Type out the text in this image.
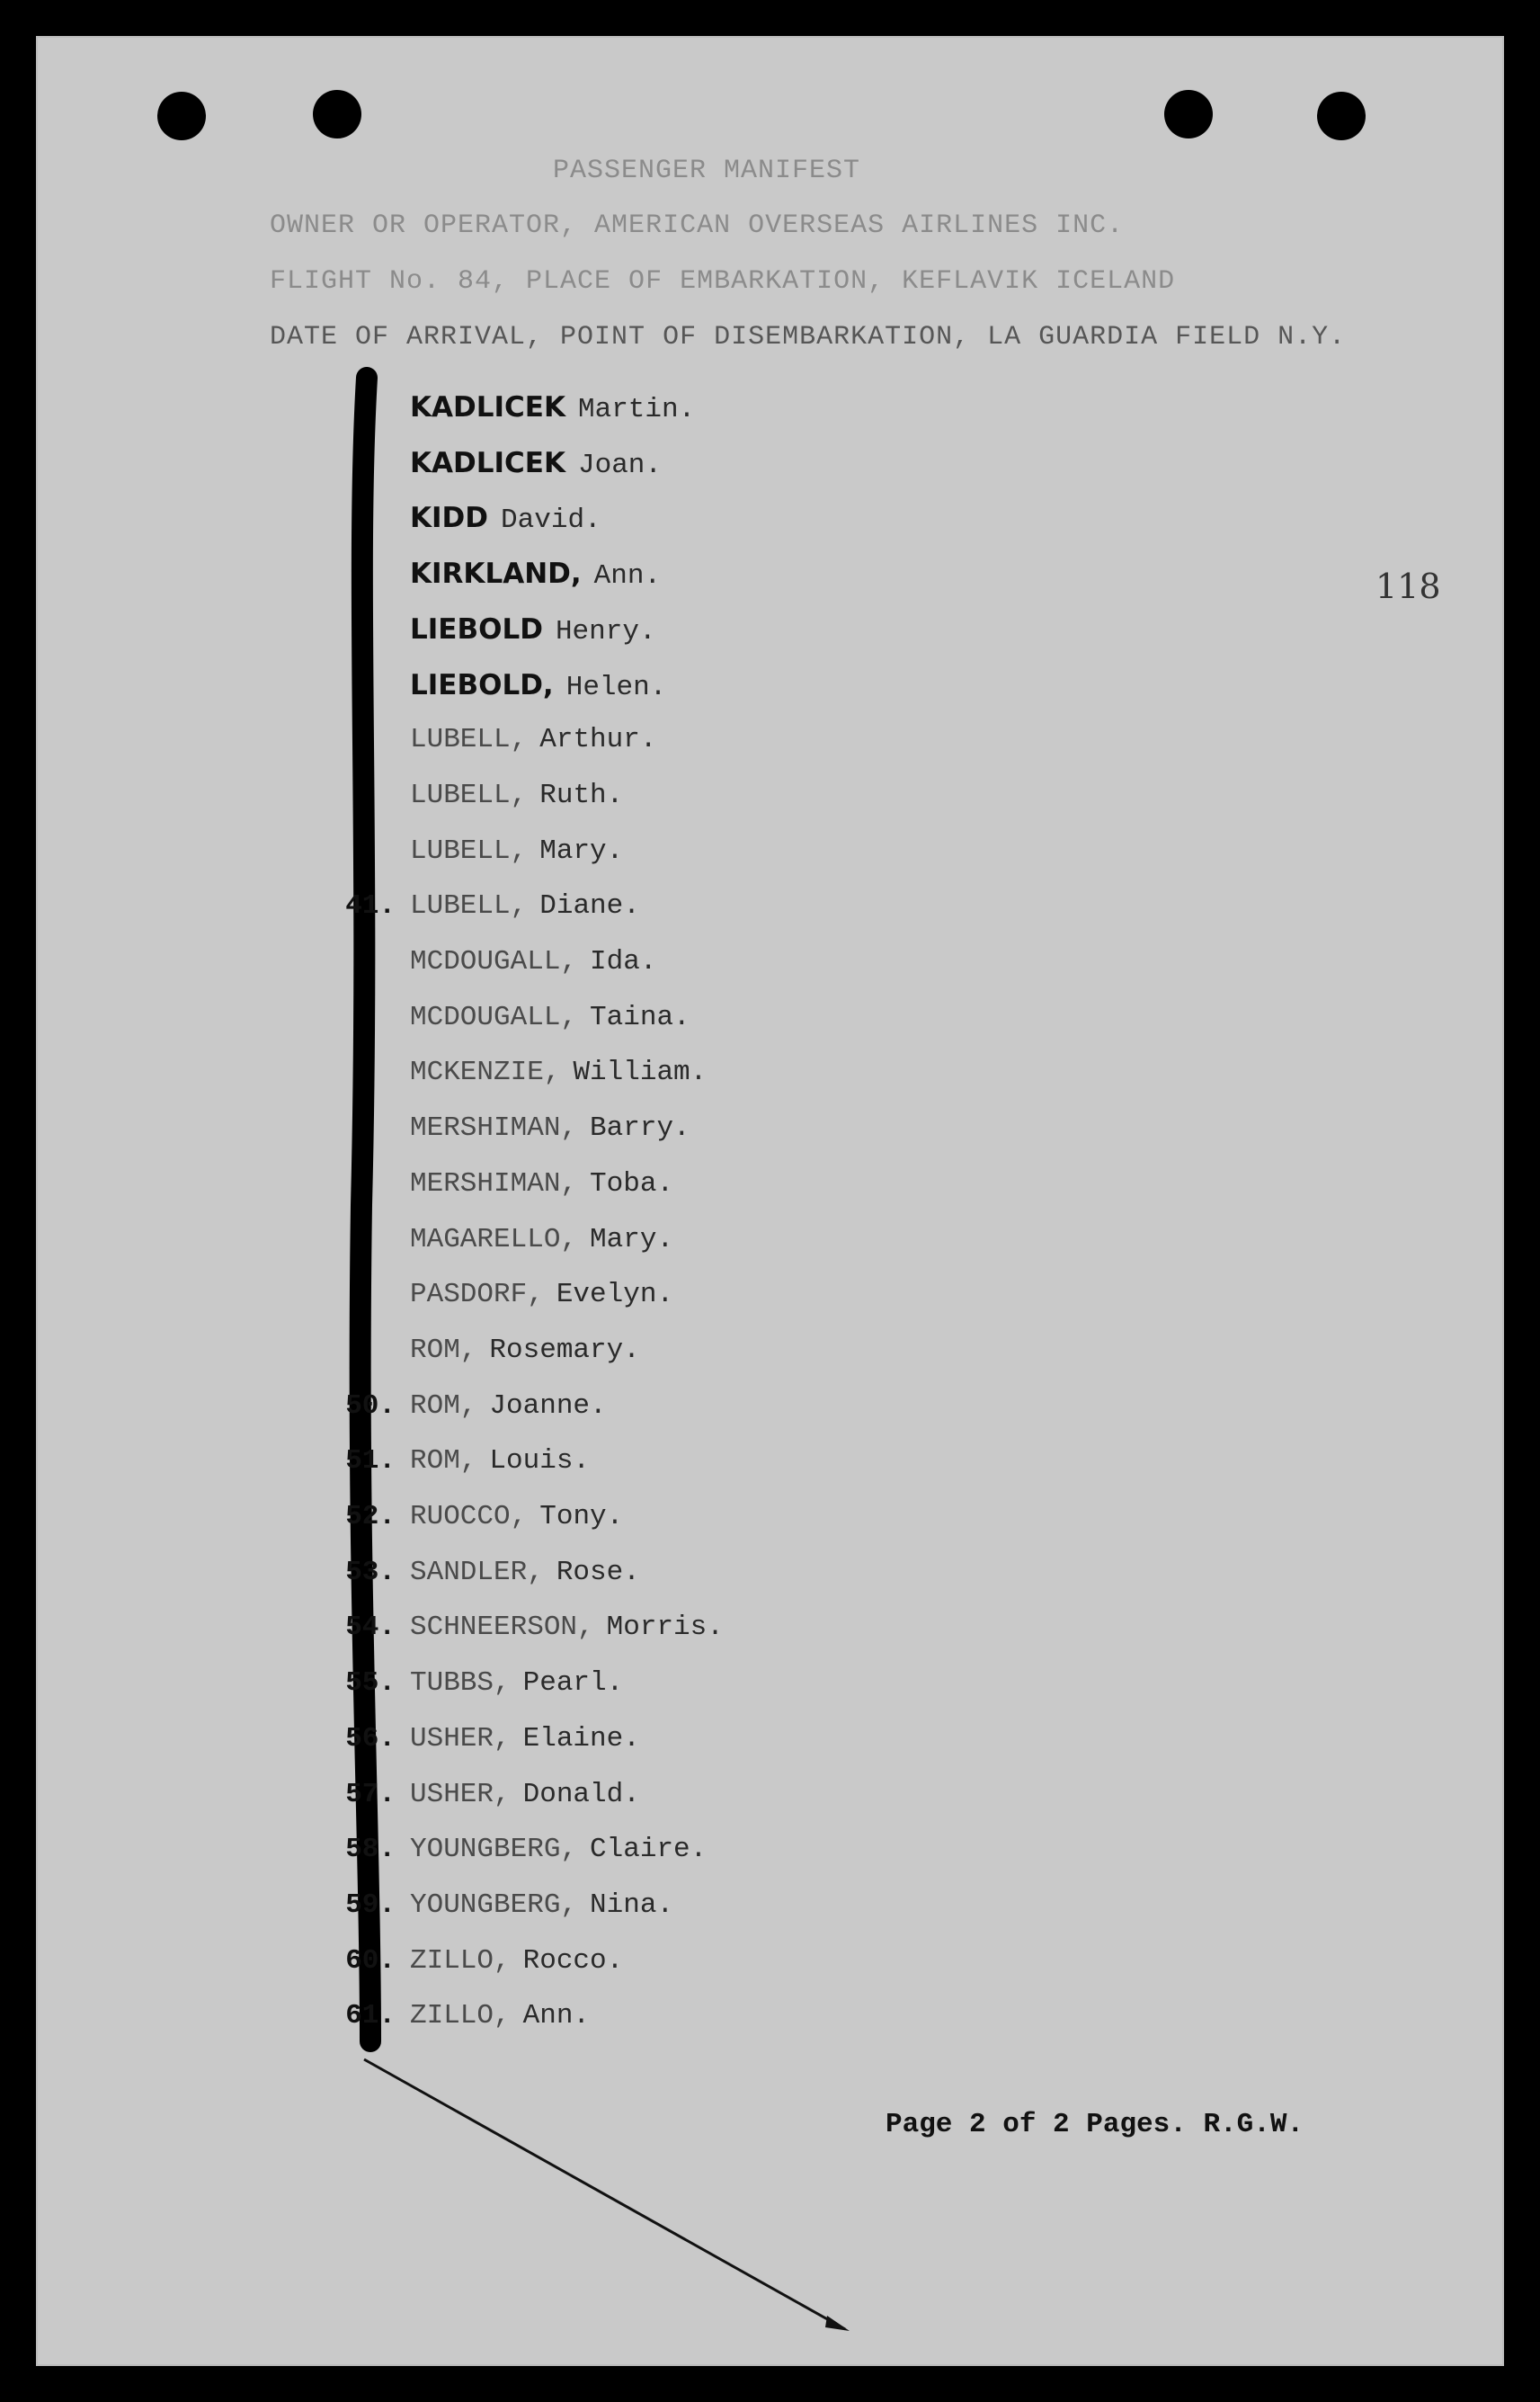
PASSENGER MANIFEST
OWNER OR OPERATOR, AMERICAN OVERSEAS AIRLINES INC.
FLIGHT No. 84, PLACE OF EMBARKATION, KEFLAVIK ICELAND
DATE OF ARRIVAL, POINT OF DISEMBARKATION, LA GUARDIA FIELD N.Y.
118
KADLICEK Martin.
KADLICEK Joan.
KIDD David.
KIRKLAND, Ann.
LIEBOLD Henry.
LIEBOLD, Helen.
LUBELL, Arthur.
LUBELL, Ruth.
LUBELL, Mary.
41. LUBELL, Diane.
MCDOUGALL, Ida.
MCDOUGALL, Taina.
MCKENZIE, William.
MERSHIMAN, Barry.
MERSHIMAN, Toba.
MAGARELLO, Mary.
PASDORF, Evelyn.
ROM, Rosemary.
50. ROM, Joanne.
51. ROM, Louis.
52. RUOCCO, Tony.
53. SANDLER, Rose.
54. SCHNEERSON, Morris.
55. TUBBS, Pearl.
56. USHER, Elaine.
57. USHER, Donald.
58. YOUNGBERG, Claire.
59. YOUNGBERG, Nina.
60. ZILLO, Rocco.
61. ZILLO, Ann.
Page 2 of 2 Pages. R.G.W.
